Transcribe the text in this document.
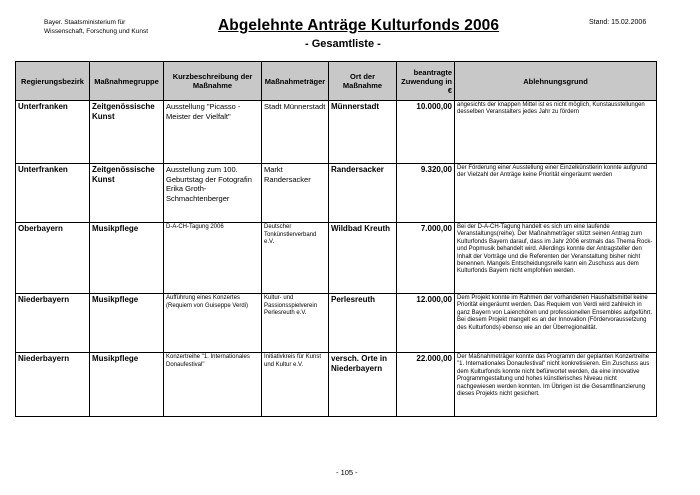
Bayer. Staatsministerium für
Wissenschaft, Forschung und Kunst	Abgelehnte Anträge Kulturfonds 2006
- Gesamtliste -
Stand: 15.02.2006
Regierungsbezirk	Maßnahmegruppe	Kurzbeschreibung der Maßnahme	Maßnahmeträger	Ort der Maßnahme	beantragte Zuwendung in €	Ablehnungsgrund
Unterfranken	Zeitgenössische Kunst	Ausstellung "Picasso - Meister der Vielfalt"	Stadt Münnerstadt	Münnerstadt	10.000,00	angesichts der knappen Mittel ist es nicht möglich, Kunstausstellungen desselben Veranstalters jedes Jahr zu fördern
Unterfranken	Zeitgenössische Kunst	Ausstellung zum 100. Geburtstag der Fotografin Erika Groth-Schmachtenberger	Markt Randersacker	Randersacker	9.320,00	Der Förderung einer Ausstellung einer Einzelkünstlerin konnte aufgrund der Vielzahl der Anträge keine Priorität eingeräumt werden
Oberbayern	Musikpflege	D-A-CH-Tagung 2006	Deutscher Tonkünstlerverband e.V.	Wildbad Kreuth	7.000,00	Bei der D-A-CH-Tagung handelt es sich um eine laufende Veranstaltungs(reihe). Der Maßnahmeträger stützt seinen Antrag zum Kulturfonds Bayern darauf, dass im Jahr 2006 erstmals das Thema Rock- und Popmusik behandelt wird. Allerdings konnte der Antragsteller den Inhalt der Vorträge und die Referenten der Veranstaltung bisher nicht benennen. Mangels Entscheidungsreife kann ein Zuschuss aus dem Kulturfonds Bayern nicht empfohlen werden.
Niederbayern	Musikpflege	Aufführung eines Konzertes (Requiem von Guiseppe Verdi)	Kultur- und Passionsspielverein Perlesreuth e.V.	Perlesreuth	12.000,00	Dem Projekt konnte im Rahmen der vorhandenen Haushaltsmittel keine Priorität eingeräumt werden. Das Requiem von Verdi wird zahlreich in ganz Bayern von Laienchören und professionellen Ensembles aufgeführt. Bei diesem Projekt mangelt es an der Innovation (Fördervoraussetzung des Kulturfonds) ebenso wie an der Überregionalität.
Niederbayern	Musikpflege	Konzertreihe "1. Internationales Donaufestival"	Initiativkreis für Kunst und Kultur e.V.	versch. Orte in Niederbayern	22.000,00	Der Maßnahmeträger konnte das Programm der geplanten Konzertreihe "1. Internationales Donaufestival" nicht konkretisieren. Ein Zuschuss aus dem Kulturfonds konnte nicht befürwortet werden, da eine innovative Programmgestaltung und hohes künstlerisches Niveau nicht nachgewiesen werden konnten. Im Übrigen ist die Gesamtfinanzierung dieses Projekts nicht gesichert.
- 105 -
